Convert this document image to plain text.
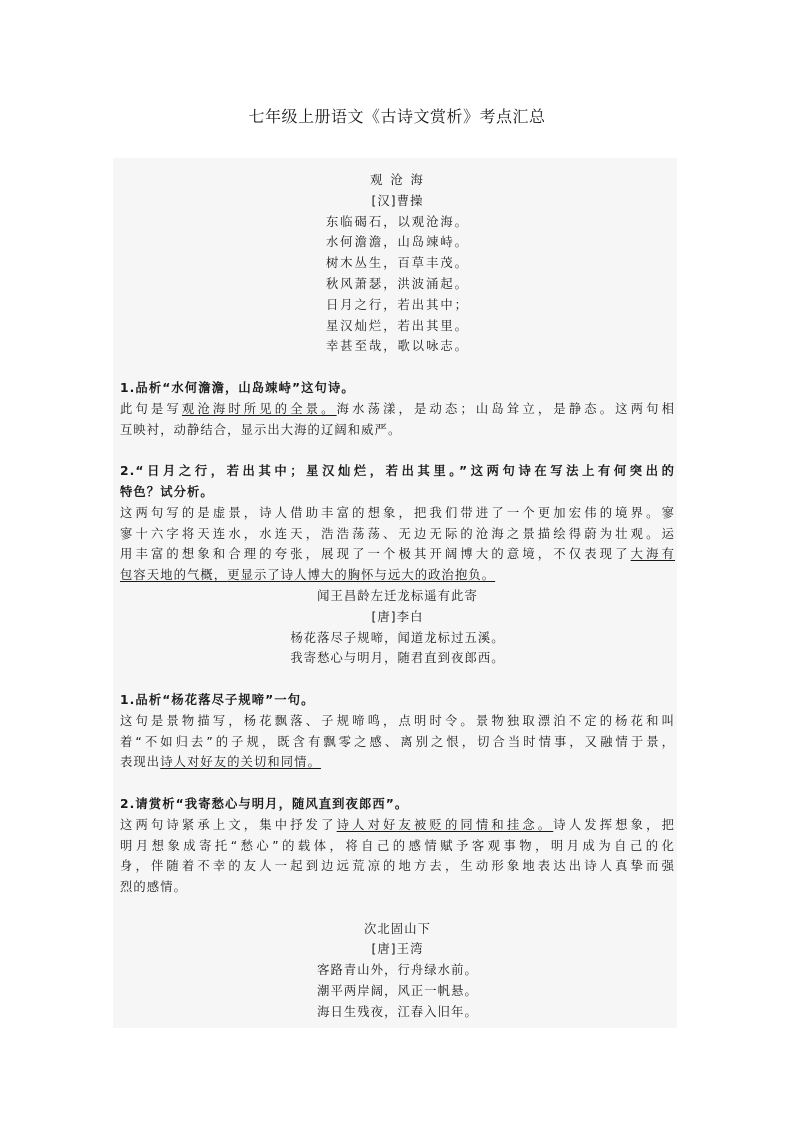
七年级上册语文《古诗文赏析》考点汇总
观 沧 海
[汉]曹操
东临碣石，以观沧海。
水何澹澹，山岛竦峙。
树木丛生，百草丰茂。
秋风萧瑟，洪波涌起。
日月之行，若出其中；
星汉灿烂，若出其里。
幸甚至哉，歌以咏志。
1.品析“水何澹澹，山岛竦峙”这句诗。
此句是写观沧海时所见的全景。海水荡漾，是动态；山岛耸立，是静态。这两句相
互映衬，动静结合，显示出大海的辽阔和威严。
2.“日月之行，若出其中；星汉灿烂，若出其里。”这两句诗在写法上有何突出的
特色？试分析。
这两句写的是虚景，诗人借助丰富的想象，把我们带进了一个更加宏伟的境界。寥
寥十六字将天连水，水连天，浩浩荡荡、无边无际的沧海之景描绘得蔚为壮观。运
用丰富的想象和合理的夸张，展现了一个极其开阔博大的意境，不仅表现了大海有
包容天地的气概，更显示了诗人博大的胸怀与远大的政治抱负。
闻王昌龄左迁龙标遥有此寄
[唐]李白
杨花落尽子规啼，闻道龙标过五溪。
我寄愁心与明月，随君直到夜郎西。
1.品析“杨花落尽子规啼”一句。
这句是景物描写，杨花飘落、子规啼鸣，点明时令。景物独取漂泊不定的杨花和叫
着“不如归去”的子规，既含有飘零之感、离别之恨，切合当时情事，又融情于景，
表现出诗人对好友的关切和同情。
2.请赏析“我寄愁心与明月，随风直到夜郎西”。
这两句诗紧承上文，集中抒发了诗人对好友被贬的同情和挂念。诗人发挥想象，把
明月想象成寄托“愁心”的载体，将自己的感情赋予客观事物，明月成为自己的化
身，伴随着不幸的友人一起到边远荒凉的地方去，生动形象地表达出诗人真挚而强
烈的感情。
次北固山下
[唐]王湾
客路青山外，行舟绿水前。
潮平两岸阔，风正一帆悬。
海日生残夜，江春入旧年。
